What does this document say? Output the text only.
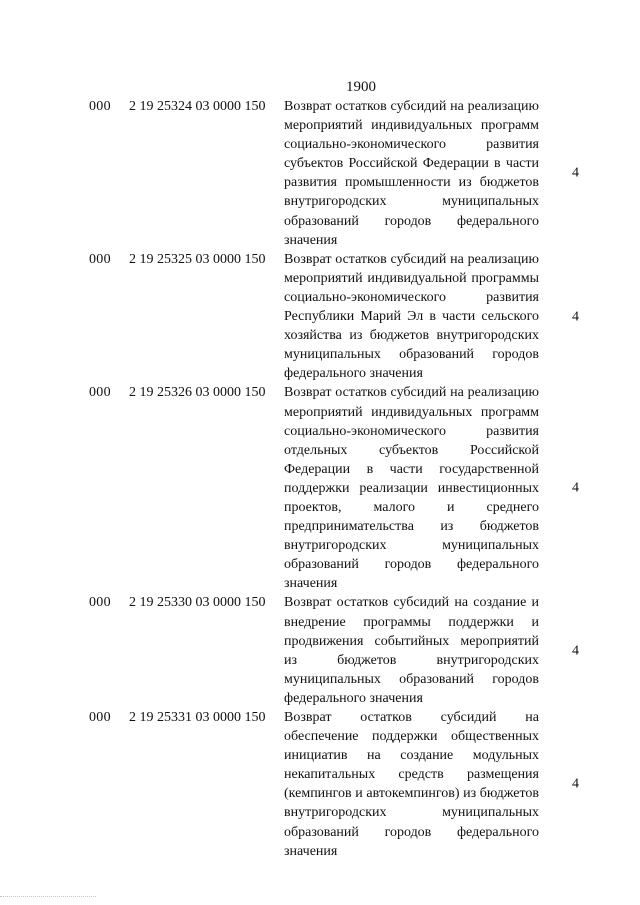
1900
000 2 19 25324 03 0000 150 Возврат остатков субсидий на реализацию мероприятий индивидуальных программ социально-экономического развития субъектов Российской Федерации в части развития промышленности из бюджетов внутригородских муниципальных образований городов федерального значения
4
000 2 19 25325 03 0000 150 Возврат остатков субсидий на реализацию мероприятий индивидуальной программы социально-экономического развития Республики Марий Эл в части сельского хозяйства из бюджетов внутригородских муниципальных образований городов федерального значения
4
000 2 19 25326 03 0000 150 Возврат остатков субсидий на реализацию мероприятий индивидуальных программ социально-экономического развития отдельных субъектов Российской Федерации в части государственной поддержки реализации инвестиционных проектов, малого и среднего предпринимательства из бюджетов внутригородских муниципальных образований городов федерального значения
4
000 2 19 25330 03 0000 150 Возврат остатков субсидий на создание и внедрение программы поддержки и продвижения событийных мероприятий из бюджетов внутригородских муниципальных образований городов федерального значения
4
000 2 19 25331 03 0000 150 Возврат остатков субсидий на обеспечение поддержки общественных инициатив на создание модульных некапитальных средств размещения (кемпингов и автокемпингов) из бюджетов внутригородских муниципальных образований городов федерального значения
4
